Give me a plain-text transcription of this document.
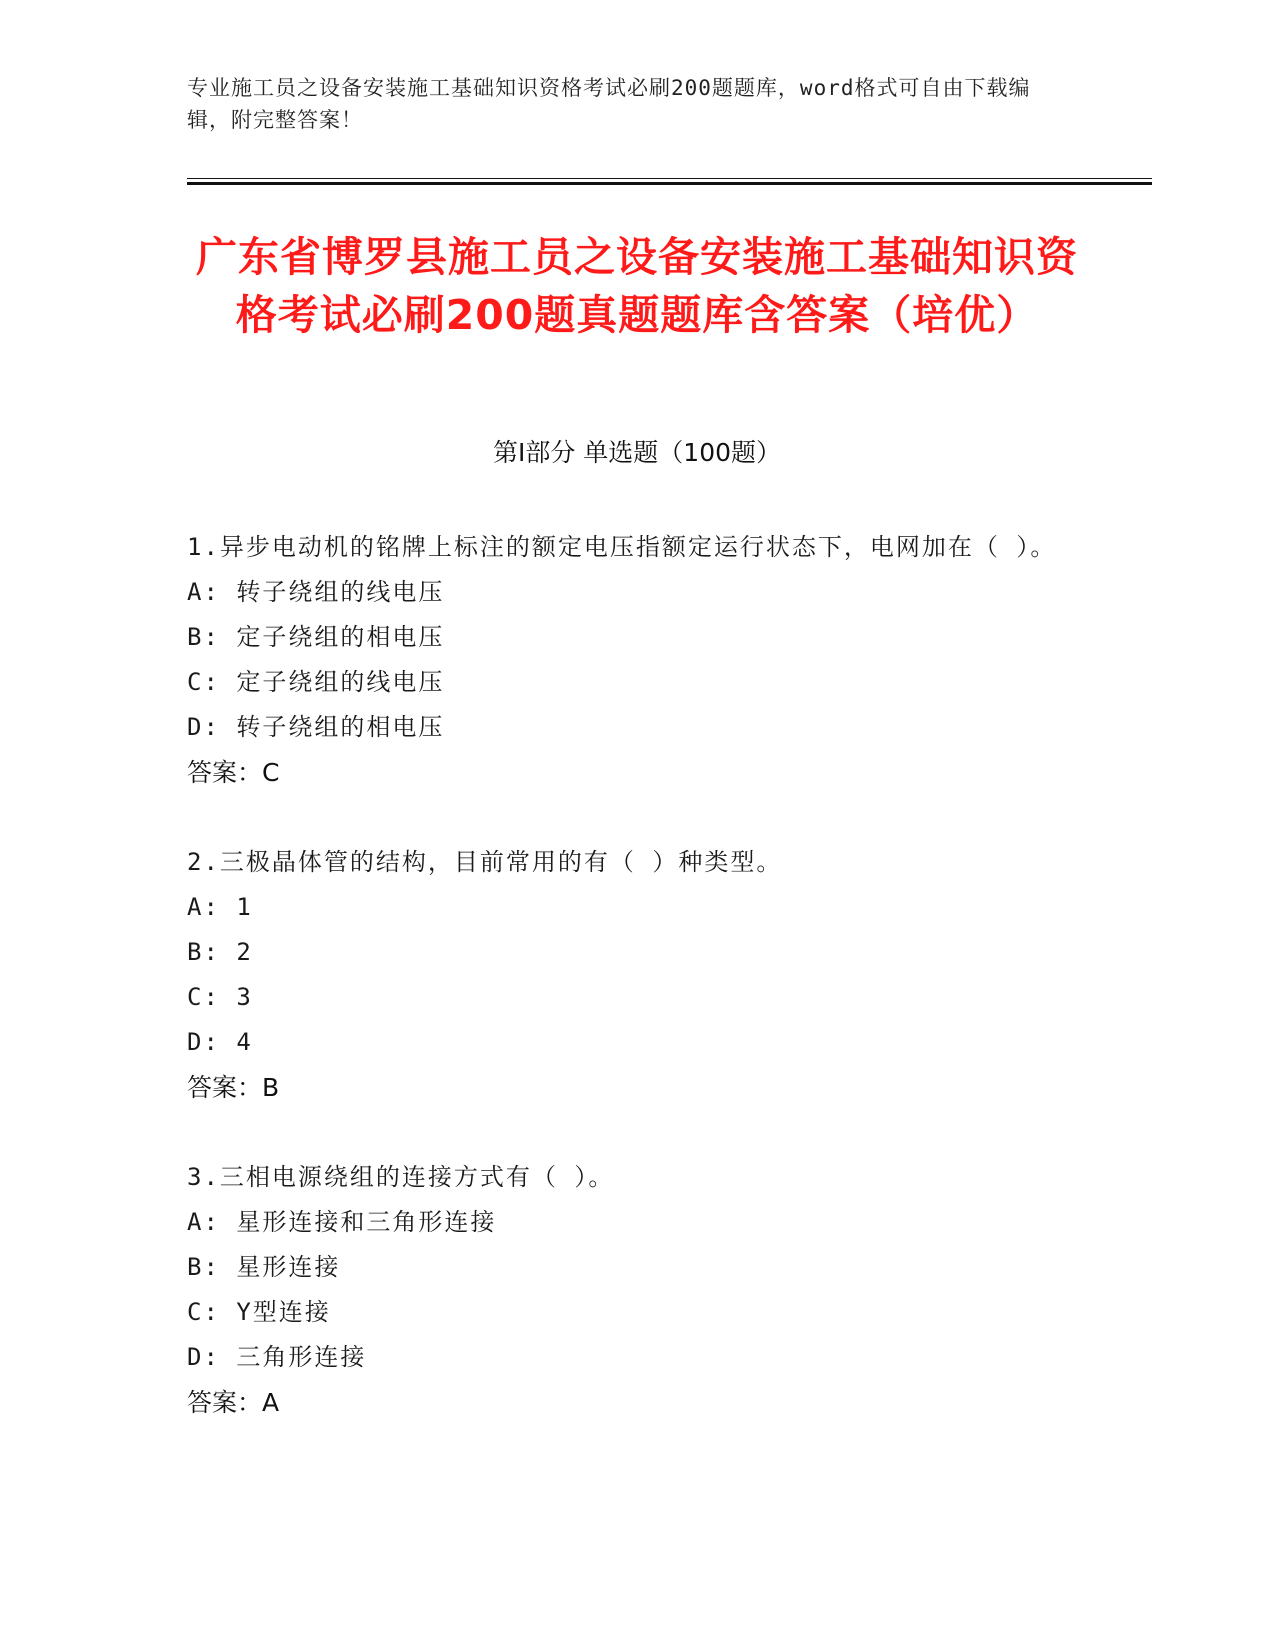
专业施工员之设备安装施工基础知识资格考试必刷200题题库，word格式可自由下载编辑，附完整答案！
广东省博罗县施工员之设备安装施工基础知识资格考试必刷200题真题题库含答案（培优）
第Ⅰ部分 单选题（100题）
1.异步电动机的铭牌上标注的额定电压指额定运行状态下，电网加在（ ）。
A: 转子绕组的线电压
B: 定子绕组的相电压
C: 定子绕组的线电压
D: 转子绕组的相电压
答案：C
2.三极晶体管的结构，目前常用的有（ ）种类型。
A: 1
B: 2
C: 3
D: 4
答案：B
3.三相电源绕组的连接方式有（ ）。
A: 星形连接和三角形连接
B: 星形连接
C: Y型连接
D: 三角形连接
答案：A
